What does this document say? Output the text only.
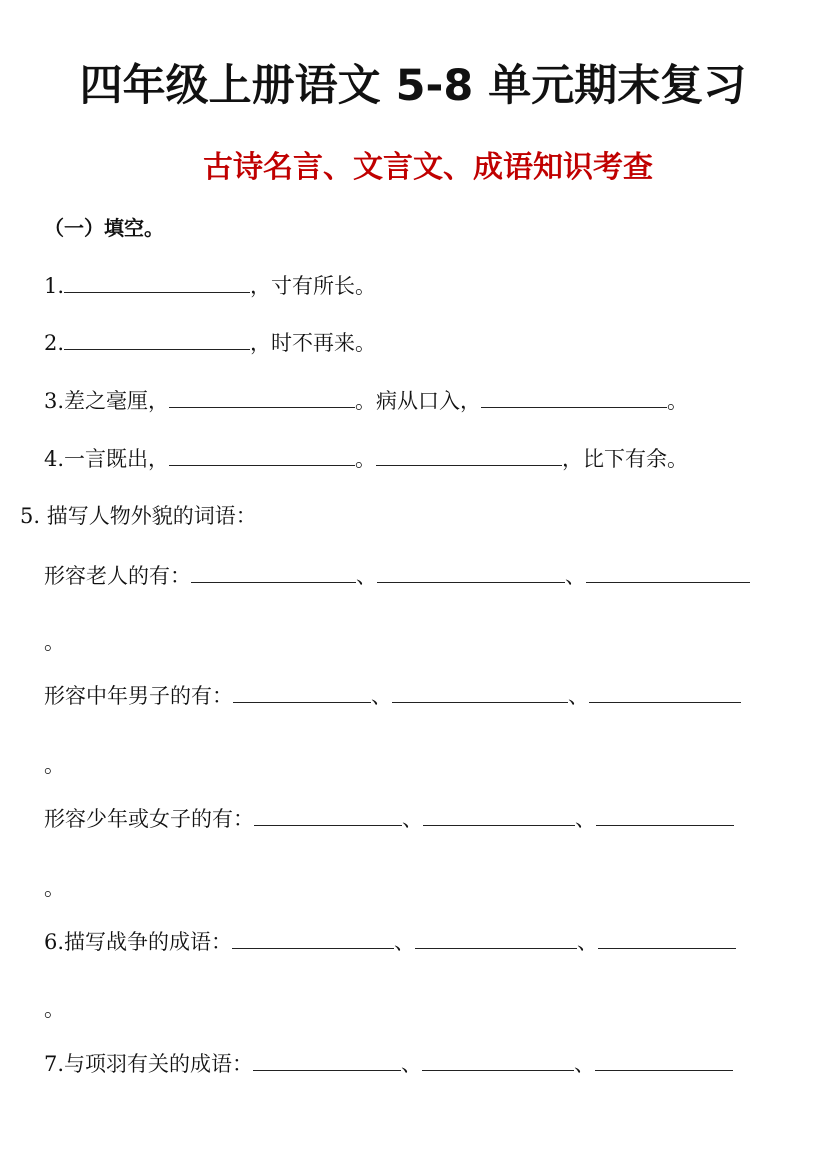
四年级上册语文 5-8 单元期末复习
古诗名言、文言文、成语知识考查
（一）填空。
1.	，寸有所长。
2.	，时不再来。
3.差之毫厘，	。病从口入，	。
4.一言既出，	。	，比下有余。
5. 描写人物外貌的词语：
形容老人的有：	、	、
。
形容中年男子的有：	、	、
。
形容少年或女子的有：	、	、
。
6.描写战争的成语：	、	、
。
7.与项羽有关的成语：	、	、
